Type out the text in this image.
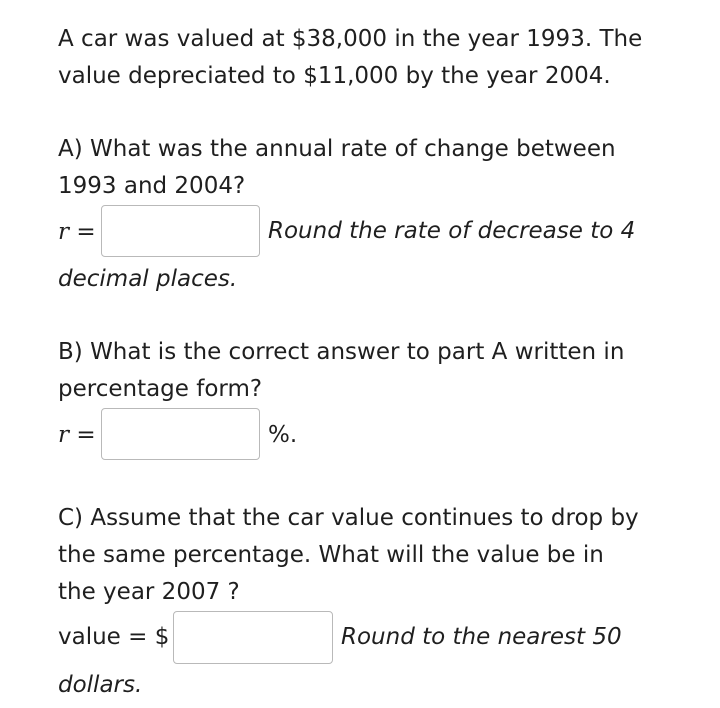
A car was valued at $38,000 in the year 1993. The
value depreciated to $11,000 by the year 2004.
A) What was the annual rate of change between
1993 and 2004?
r =	Round the rate of decrease to 4
decimal places.
B) What is the correct answer to part A written in
percentage form?
r =	%.
C) Assume that the car value continues to drop by
the same percentage. What will the value be in
the year 2007 ?
value = $	Round to the nearest 50
dollars.
